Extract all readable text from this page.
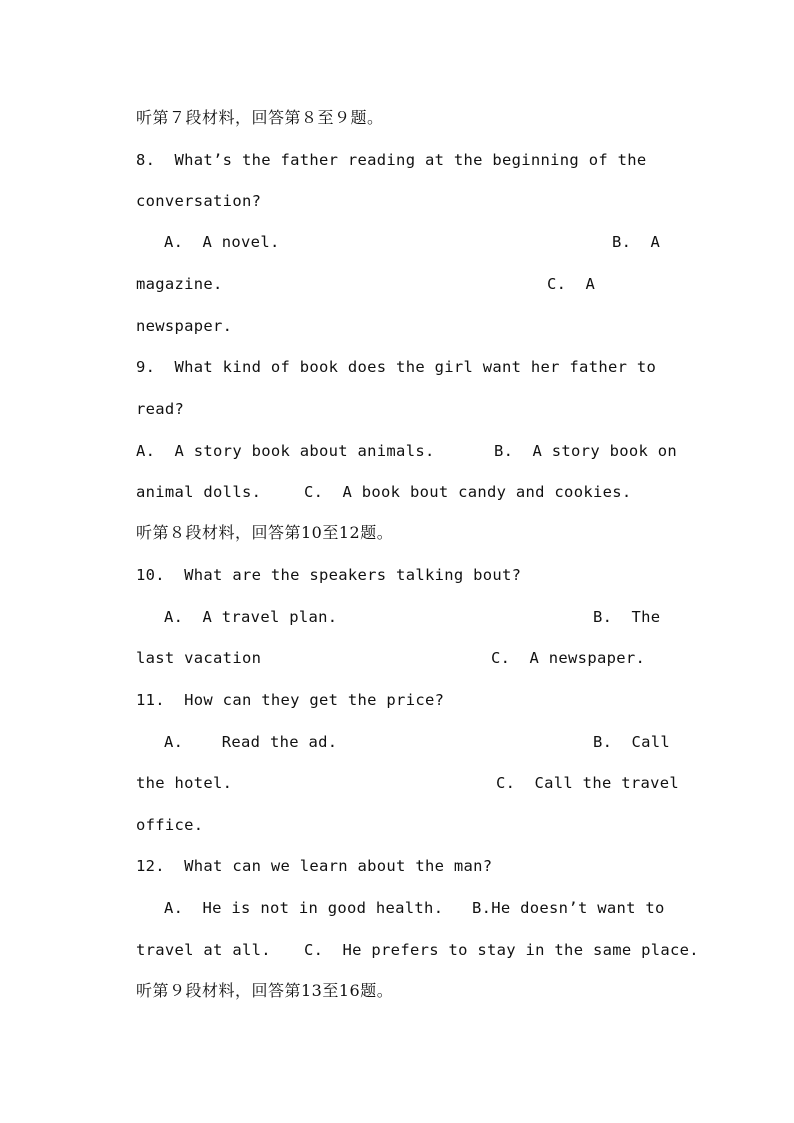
听第７段材料，回答第８至９题。
8.  What’s the father reading at the beginning of the
conversation?
A.  A novel.	B.  A
magazine.	C.  A
newspaper.
9.  What kind of book does the girl want her father to
read?
A.  A story book about animals.	B.  A story book on
animal dolls.	C.  A book bout candy and cookies.
听第８段材料，回答第10至12题。
10.  What are the speakers talking bout?
A.  A travel plan.	B.  The
last vacation	C.  A newspaper.
11.  How can they get the price?
A.    Read the ad.	B.  Call
the hotel.	C.  Call the travel
office.
12.  What can we learn about the man?
A.  He is not in good health. B.He doesn’t want to
travel at all. C.  He prefers to stay in the same place.
听第９段材料，回答第13至16题。
